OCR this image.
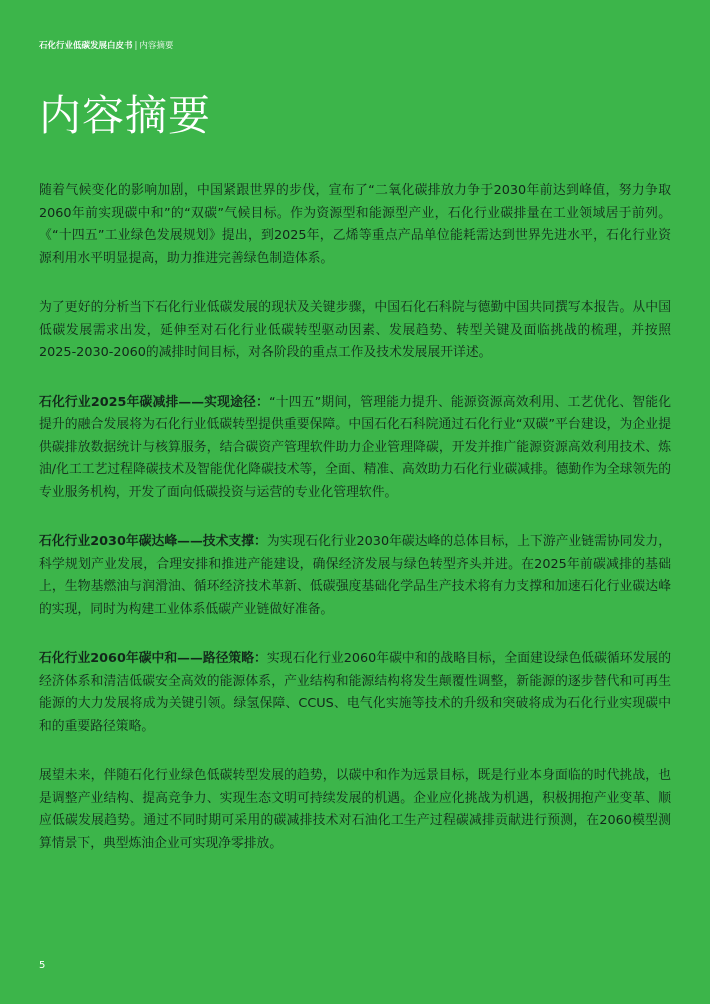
石化行业低碳发展白皮书 | 内容摘要
内容摘要

随着气候变化的影响加剧，中国紧跟世界的步伐，宣布了“二氧化碳排放力争于2030年前达到峰值，努力争取2060年前实现碳中和”的“双碳”气候目标。作为资源型和能源型产业，石化行业碳排量在工业领域居于前列。《“十四五”工业绿色发展规划》提出，到2025年，乙烯等重点产品单位能耗需达到世界先进水平，石化行业资源利用水平明显提高，助力推进完善绿色制造体系。

为了更好的分析当下石化行业低碳发展的现状及关键步骤，中国石化石科院与德勤中国共同撰写本报告。从中国低碳发展需求出发，延伸至对石化行业低碳转型驱动因素、发展趋势、转型关键及面临挑战的梳理，并按照2025-2030-2060的减排时间目标，对各阶段的重点工作及技术发展展开详述。

石化行业2025年碳减排——实现途径：“十四五”期间，管理能力提升、能源资源高效利用、工艺优化、智能化提升的融合发展将为石化行业低碳转型提供重要保障。中国石化石科院通过石化行业“双碳”平台建设，为企业提供碳排放数据统计与核算服务，结合碳资产管理软件助力企业管理降碳，开发并推广能源资源高效利用技术、炼油/化工工艺过程降碳技术及智能优化降碳技术等，全面、精准、高效助力石化行业碳减排。德勤作为全球领先的专业服务机构，开发了面向低碳投资与运营的专业化管理软件。

石化行业2030年碳达峰——技术支撑：为实现石化行业2030年碳达峰的总体目标，上下游产业链需协同发力，科学规划产业发展，合理安排和推进产能建设，确保经济发展与绿色转型齐头并进。在2025年前碳减排的基础上，生物基燃油与润滑油、循环经济技术革新、低碳强度基础化学品生产技术将有力支撑和加速石化行业碳达峰的实现，同时为构建工业体系低碳产业链做好准备。

石化行业2060年碳中和——路径策略：实现石化行业2060年碳中和的战略目标，全面建设绿色低碳循环发展的经济体系和清洁低碳安全高效的能源体系，产业结构和能源结构将发生颠覆性调整，新能源的逐步替代和可再生能源的大力发展将成为关键引领。绿氢保障、CCUS、电气化实施等技术的升级和突破将成为石化行业实现碳中和的重要路径策略。

展望未来，伴随石化行业绿色低碳转型发展的趋势，以碳中和作为远景目标，既是行业本身面临的时代挑战，也是调整产业结构、提高竞争力、实现生态文明可持续发展的机遇。企业应化挑战为机遇，积极拥抱产业变革、顺应低碳发展趋势。通过不同时期可采用的碳减排技术对石油化工生产过程碳减排贡献进行预测，在2060模型测算情景下，典型炼油企业可实现净零排放。

5
